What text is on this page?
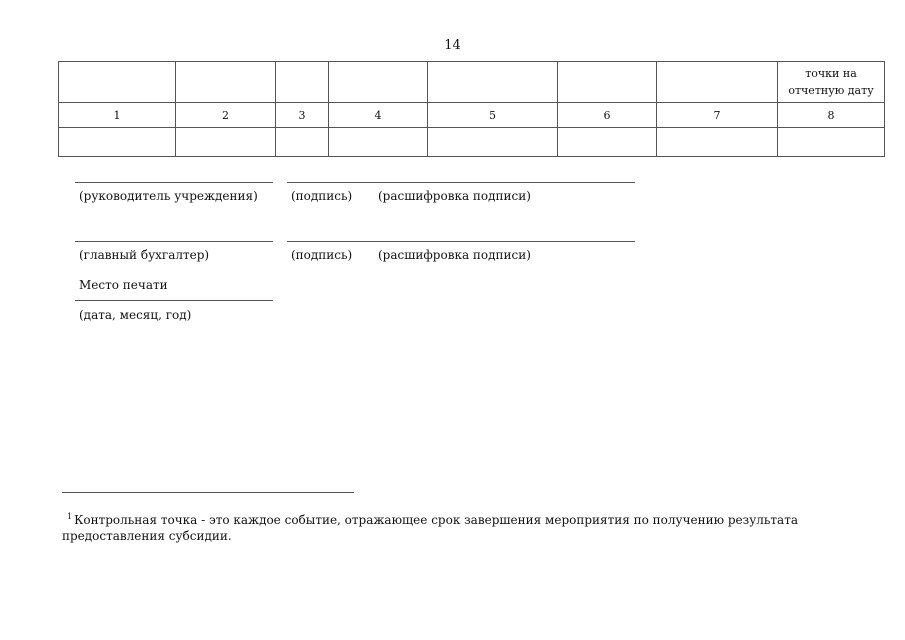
14
							точки на отчетную дату
1	2	3	4	5	6	7	8

(руководитель учреждения)	(подпись) (расшифровка подписи)
(главный бухгалтер)	(подпись) (расшифровка подписи)
Место печати
(дата, месяц, год)
$^1$ Контрольная точка - это каждое событие, отражающее срок завершения мероприятия по получению результата предоставления субсидии.
